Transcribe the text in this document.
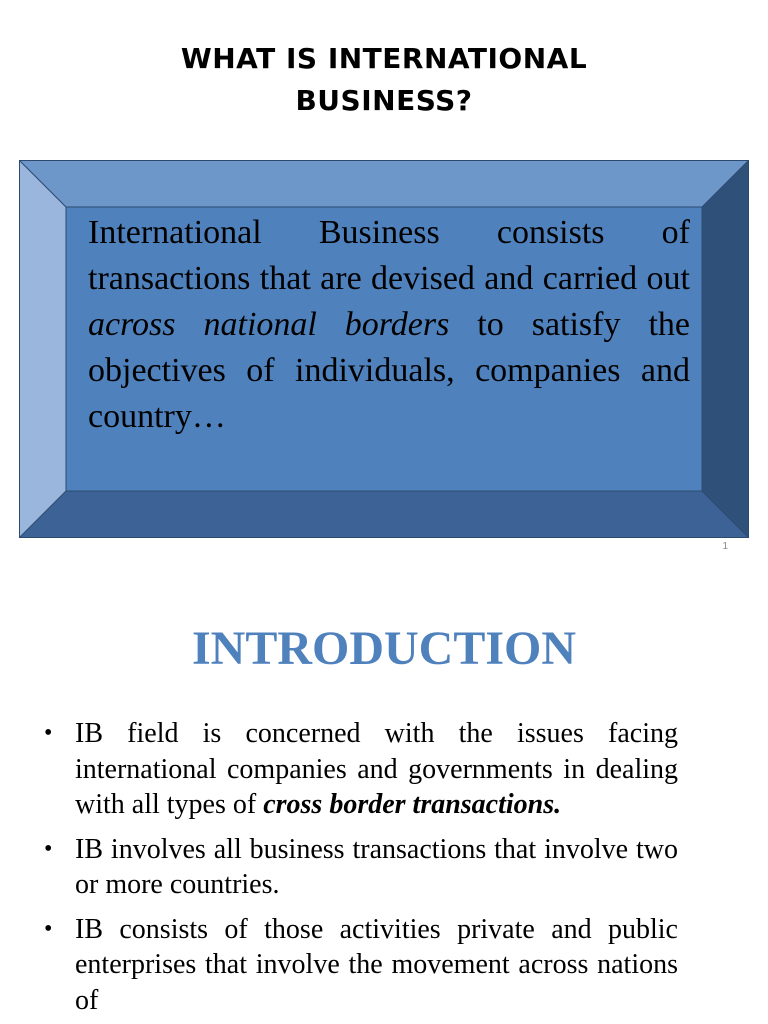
WHAT IS INTERNATIONAL
BUSINESS?
International Business consists of transactions that are devised and carried out across national borders to satisfy the objectives of individuals, companies and country…
1
INTRODUCTION
• IB field is concerned with the issues facing international companies and governments in dealing with all types of cross border transactions.
• IB involves all business transactions that involve two or more countries.
• IB consists of those activities private and public enterprises that involve the movement across nations of
